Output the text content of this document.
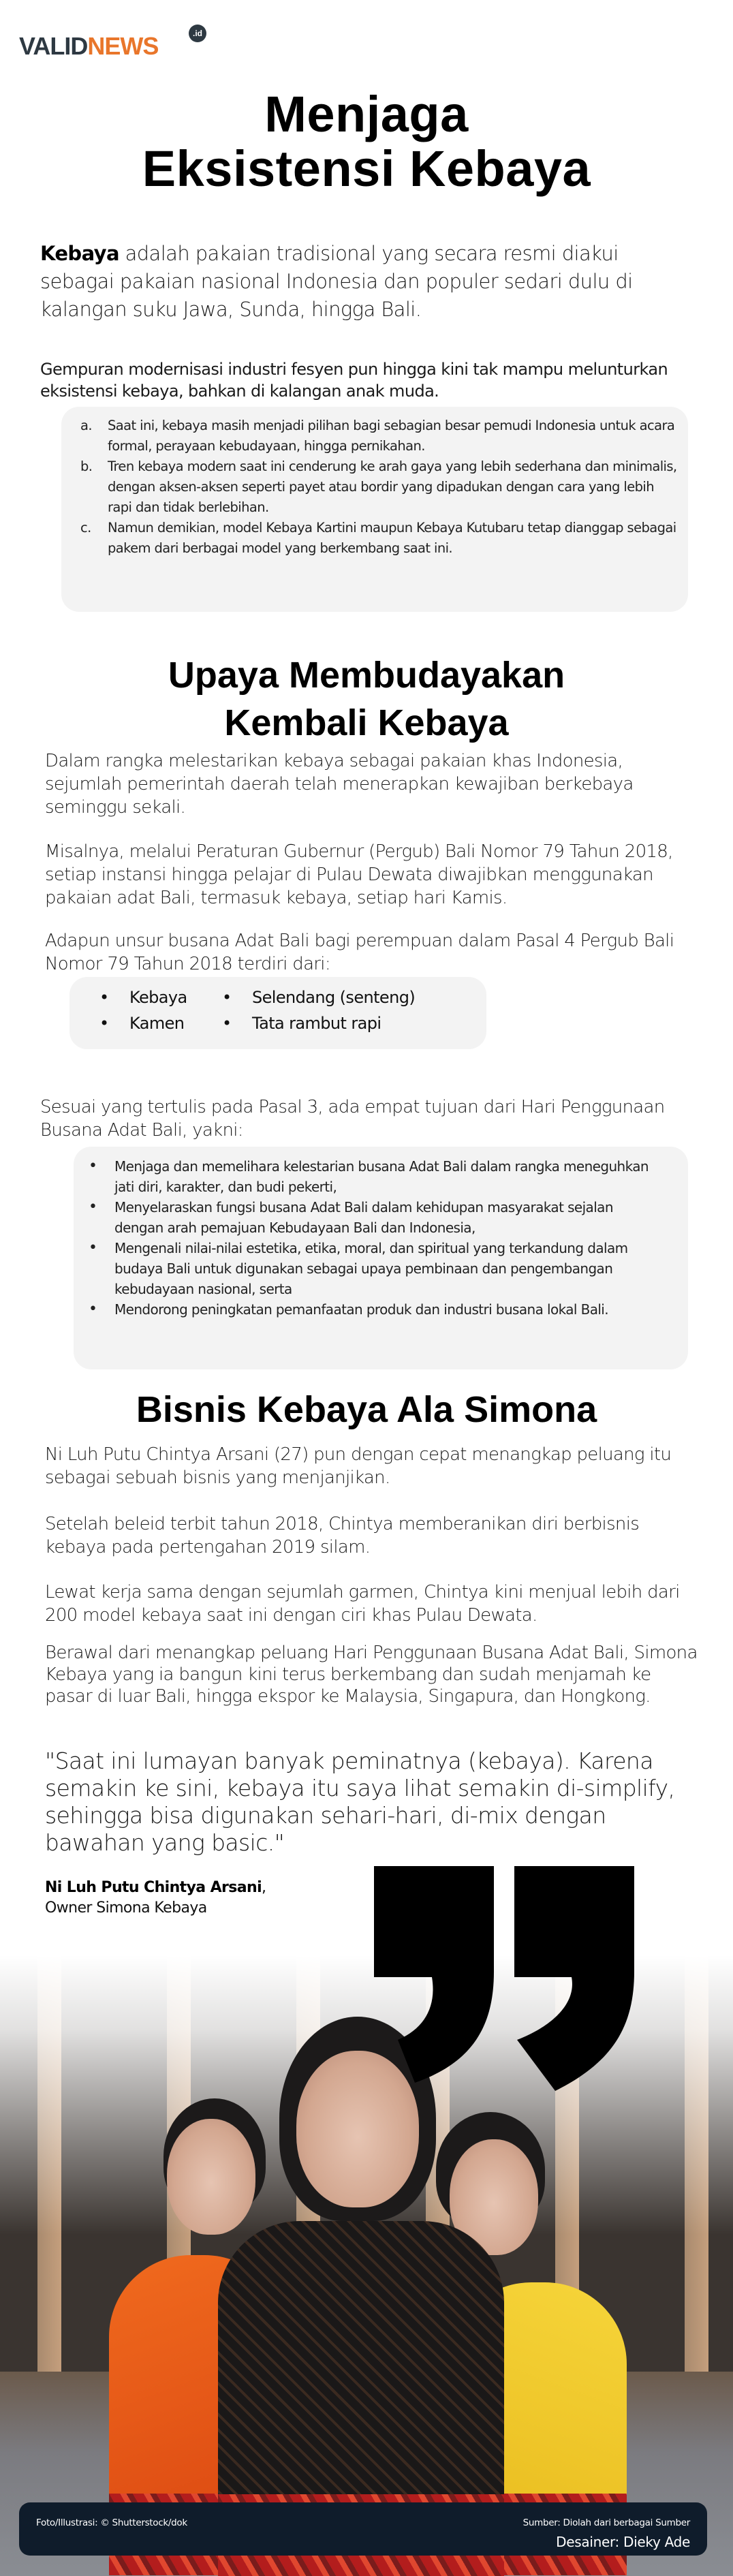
VALID NEWS	.id
Menjaga
Eksistensi Kebaya

Kebaya adalah pakaian tradisional yang secara resmi diakui sebagai pakaian nasional Indonesia dan populer sedari dulu di kalangan suku Jawa, Sunda, hingga Bali.

Gempuran modernisasi industri fesyen pun hingga kini tak mampu melunturkan eksistensi kebaya, bahkan di kalangan anak muda.

a. Saat ini, kebaya masih menjadi pilihan bagi sebagian besar pemudi Indonesia untuk acara formal, perayaan kebudayaan, hingga pernikahan.
b. Tren kebaya modern saat ini cenderung ke arah gaya yang lebih sederhana dan minimalis, dengan aksen-aksen seperti payet atau bordir yang dipadukan dengan cara yang lebih rapi dan tidak berlebihan.
c. Namun demikian, model Kebaya Kartini maupun Kebaya Kutubaru tetap dianggap sebagai pakem dari berbagai model yang berkembang saat ini.
Upaya Membudayakan
Kembali Kebaya

Dalam rangka melestarikan kebaya sebagai pakaian khas Indonesia, sejumlah pemerintah daerah telah menerapkan kewajiban berkebaya seminggu sekali.

Misalnya, melalui Peraturan Gubernur (Pergub) Bali Nomor 79 Tahun 2018, setiap instansi hingga pelajar di Pulau Dewata diwajibkan menggunakan pakaian adat Bali, termasuk kebaya, setiap hari Kamis.

Adapun unsur busana Adat Bali bagi perempuan dalam Pasal 4 Pergub Bali Nomor 79 Tahun 2018 terdiri dari:

• Kebaya	• Selendang (senteng)
• Kamen	• Tata rambut rapi

Sesuai yang tertulis pada Pasal 3, ada empat tujuan dari Hari Penggunaan Busana Adat Bali, yakni:

• Menjaga dan memelihara kelestarian busana Adat Bali dalam rangka meneguhkan jati diri, karakter, dan budi pekerti,
• Menyelaraskan fungsi busana Adat Bali dalam kehidupan masyarakat sejalan dengan arah pemajuan Kebudayaan Bali dan Indonesia,
• Mengenali nilai-nilai estetika, etika, moral, dan spiritual yang terkandung dalam budaya Bali untuk digunakan sebagai upaya pembinaan dan pengembangan kebudayaan nasional, serta
• Mendorong peningkatan pemanfaatan produk dan industri busana lokal Bali.
Bisnis Kebaya Ala Simona

Ni Luh Putu Chintya Arsani (27) pun dengan cepat menangkap peluang itu sebagai sebuah bisnis yang menjanjikan.

Setelah beleid terbit tahun 2018, Chintya memberanikan diri berbisnis kebaya pada pertengahan 2019 silam.

Lewat kerja sama dengan sejumlah garmen, Chintya kini menjual lebih dari 200 model kebaya saat ini dengan ciri khas Pulau Dewata.

Berawal dari menangkap peluang Hari Penggunaan Busana Adat Bali, Simona Kebaya yang ia bangun kini terus berkembang dan sudah menjamah ke pasar di luar Bali, hingga ekspor ke Malaysia, Singapura, dan Hongkong.

"Saat ini lumayan banyak peminatnya (kebaya). Karena semakin ke sini, kebaya itu saya lihat semakin di-simplify, sehingga bisa digunakan sehari-hari, di-mix dengan bawahan yang basic."

Ni Luh Putu Chintya Arsani,
Owner Simona Kebaya
Foto/Illustrasi: © Shutterstock/dok	Sumber: Diolah dari berbagai Sumber
Desainer: Dieky Ade
